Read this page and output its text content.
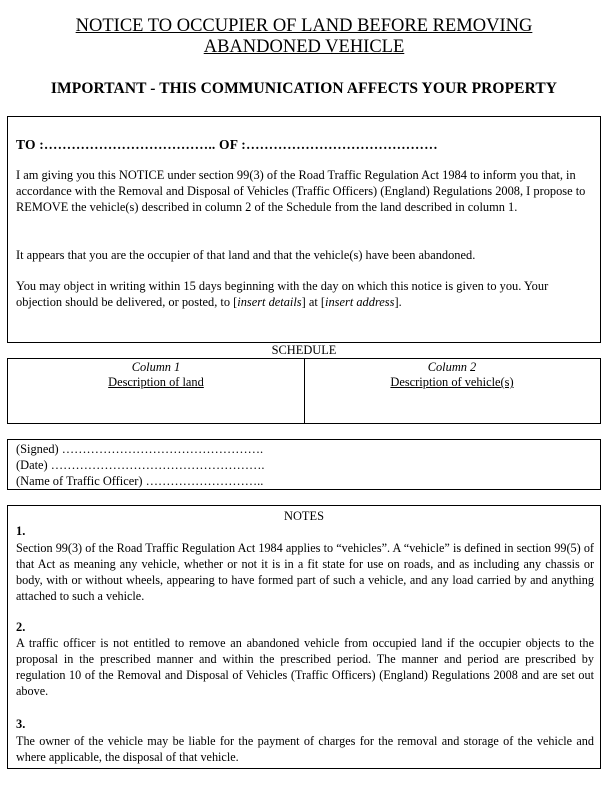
NOTICE TO OCCUPIER OF LAND BEFORE REMOVING
ABANDONED VEHICLE
IMPORTANT - THIS COMMUNICATION AFFECTS YOUR PROPERTY
TO :……………………………….. OF :……………………………………
I am giving you this NOTICE under section 99(3) of the Road Traffic Regulation Act 1984 to inform you that, in accordance with the Removal and Disposal of Vehicles (Traffic Officers) (England) Regulations 2008, I propose to REMOVE the vehicle(s) described in column 2 of the Schedule from the land described in column 1.
It appears that you are the occupier of that land and that the vehicle(s) have been abandoned.
You may object in writing within 15 days beginning with the day on which this notice is given to you. Your objection should be delivered, or posted, to [insert details] at [insert address].
SCHEDULE
Column 1
Description of land
Column 2
Description of vehicle(s)
(Signed) ………………………………………….
(Date) …………………………………………….
(Name of Traffic Officer) ………………………..
NOTES
1.
Section 99(3) of the Road Traffic Regulation Act 1984 applies to “vehicles”. A “vehicle” is defined in section 99(5) of that Act as meaning any vehicle, whether or not it is in a fit state for use on roads, and as including any chassis or body, with or without wheels, appearing to have formed part of such a vehicle, and any load carried by and anything attached to such a vehicle.
2.
A traffic officer is not entitled to remove an abandoned vehicle from occupied land if the occupier objects to the proposal in the prescribed manner and within the prescribed period. The manner and period are prescribed by regulation 10 of the Removal and Disposal of Vehicles (Traffic Officers) (England) Regulations 2008 and are set out above.
3.
The owner of the vehicle may be liable for the payment of charges for the removal and storage of the vehicle and where applicable, the disposal of that vehicle.
